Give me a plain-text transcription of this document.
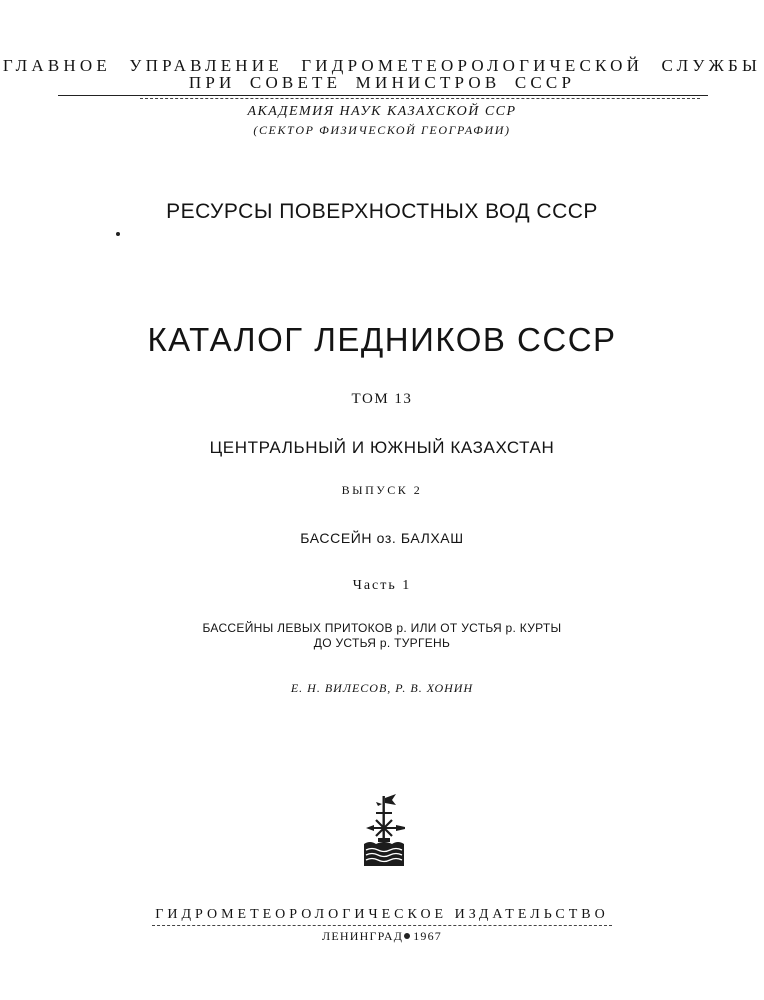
ГЛАВНОЕ УПРАВЛЕНИЕ ГИДРОМЕТЕОРОЛОГИЧЕСКОЙ СЛУЖБЫ
ПРИ СОВЕТЕ МИНИСТРОВ СССР
АКАДЕМИЯ НАУК КАЗАХСКОЙ ССР
(СЕКТОР ФИЗИЧЕСКОЙ ГЕОГРАФИИ)
РЕСУРСЫ ПОВЕРХНОСТНЫХ ВОД СССР
КАТАЛОГ ЛЕДНИКОВ СССР
ТОМ 13
ЦЕНТРАЛЬНЫЙ И ЮЖНЫЙ КАЗАХСТАН
ВЫПУСК 2
БАССЕЙН оз. БАЛХАШ
Часть 1
БАССЕЙНЫ ЛЕВЫХ ПРИТОКОВ р. ИЛИ ОТ УСТЬЯ р. КУРТЫ
ДО УСТЬЯ р. ТУРГЕНЬ
Е. Н. ВИЛЕСОВ, Р. В. ХОНИН
ГИДРОМЕТЕОРОЛОГИЧЕСКОЕ ИЗДАТЕЛЬСТВО
ЛЕНИНГРАД 1967
